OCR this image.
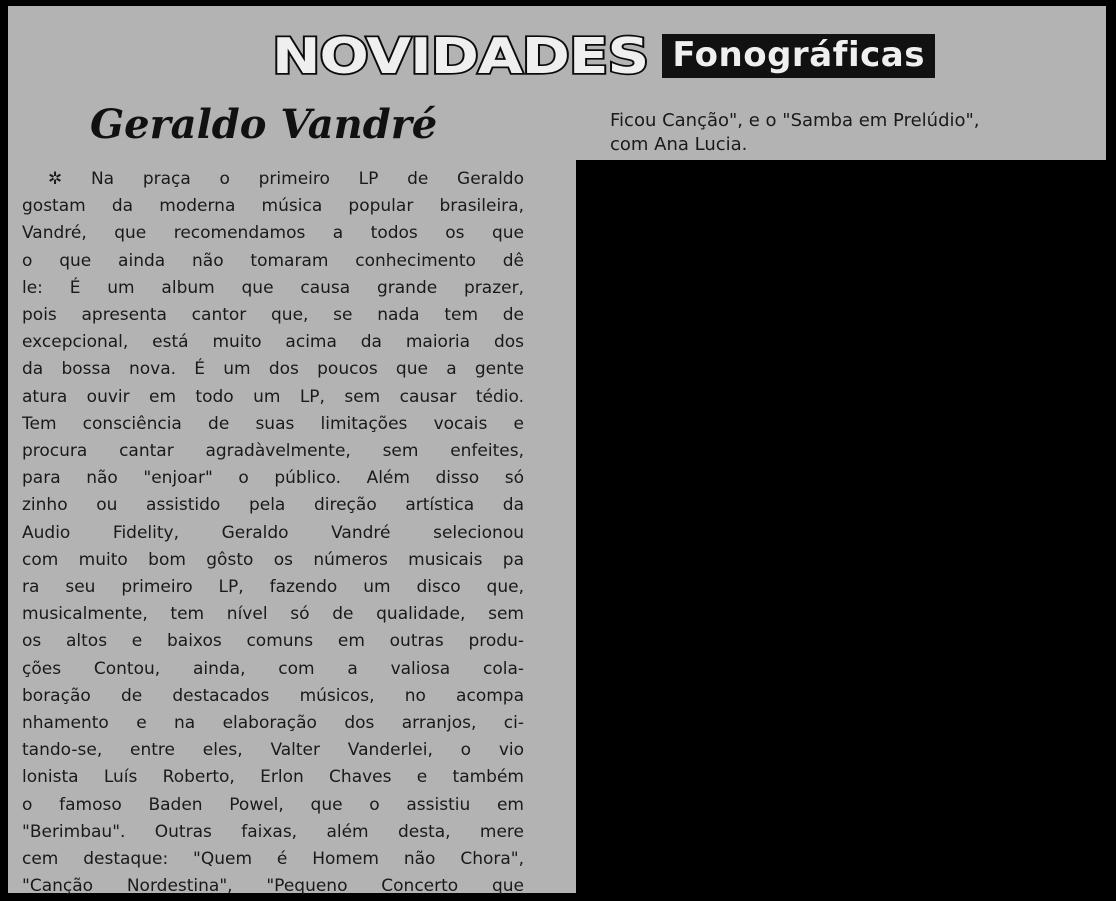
NOVIDADES Fonográficas
Geraldo Vandré	Ficou Canção", e o "Samba em Prelúdio",
com Ana Lucia.
✲ Na praça o primeiro LP de Geraldo
gostam da moderna música popular brasileira,
Vandré, que recomendamos a todos os que
o que ainda não tomaram conhecimento dê
le: É um album que causa grande prazer,
pois apresenta cantor que, se nada tem de
excepcional, está muito acima da maioria dos
da bossa nova. É um dos poucos que a gente
atura ouvir em todo um LP, sem causar tédio.
Tem consciência de suas limitações vocais e
procura cantar agradàvelmente, sem enfeites,
para não "enjoar" o público. Além disso só
zinho ou assistido pela direção artística da
Audio Fidelity, Geraldo Vandré selecionou
com muito bom gôsto os números musicais pa
ra seu primeiro LP, fazendo um disco que,
musicalmente, tem nível só de qualidade, sem
os altos e baixos comuns em outras produ-
ções Contou, ainda, com a valiosa cola-
boração de destacados músicos, no acompa
nhamento e na elaboração dos arranjos, ci-
tando-se, entre eles, Valter Vanderlei, o vio
lonista Luís Roberto, Erlon Chaves e também
o famoso Baden Powel, que o assistiu em
"Berimbau". Outras faixas, além desta, mere
cem destaque: "Quem é Homem não Chora",
"Canção Nordestina", "Pequeno Concerto que
